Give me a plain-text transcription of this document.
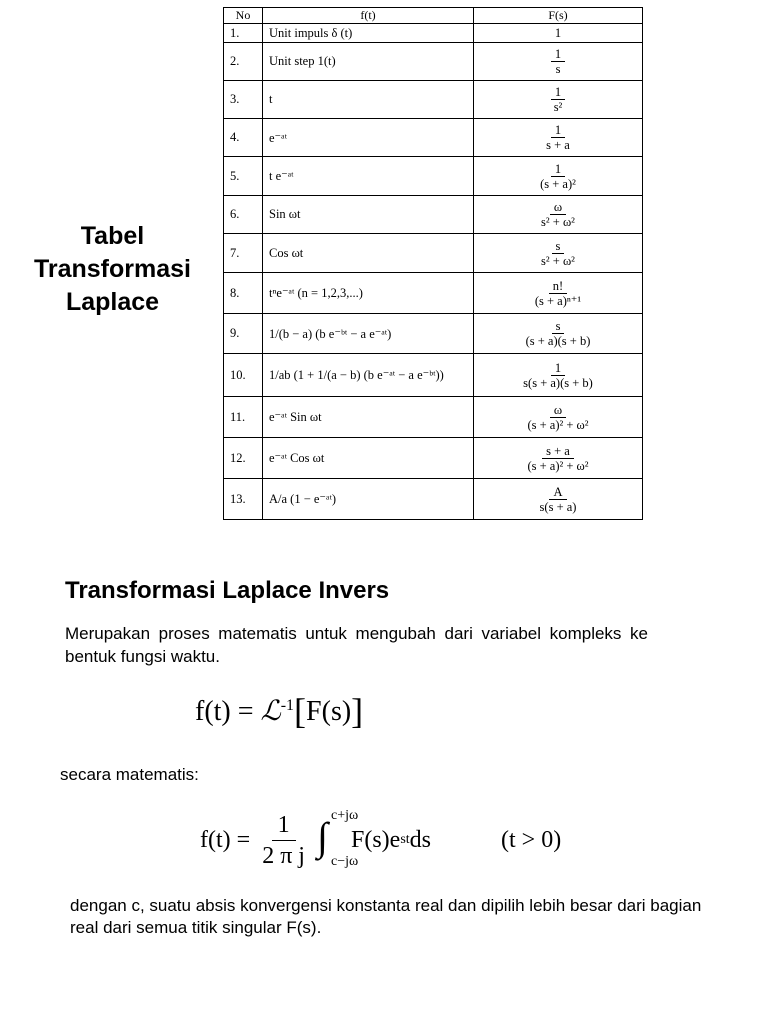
Tabel
Transformasi
Laplace
No	f(t)	F(s)
1.	Unit impuls δ (t)	1
2.	Unit step 1(t)	$\frac{1}{s}$

3.	t	$\frac{1}{\text{s²}}$

4.	e⁻ᵃᵗ	$\frac{1}{s + a}$

5.	t e⁻ᵃᵗ	$\frac{1}{\text{(s + a)²}}$

6.	Sin ωt	$\frac{\omega}{\text{s² + ω²}}$

7.	Cos ωt	$\frac{s}{\text{s² + ω²}}$

8.	tⁿe⁻ᵃᵗ (n = 1,2,3,...)	$\frac{n!}{\text{(s + a)ⁿ⁺¹}}$

9.	1/(b − a) (b e⁻ᵇᵗ − a e⁻ᵃᵗ)	$\frac{s}{(s + a)(s + b)}$

10.	1/ab (1 + 1/(a − b) (b e⁻ᵃᵗ − a e⁻ᵇᵗ))	$\frac{1}{s(s + a)(s + b)}$

11.	e⁻ᵃᵗ Sin ωt	$\frac{\omega}{\text{(s + a)² + ω²}}$

12.	e⁻ᵃᵗ Cos ωt	$\frac{s + a}{\text{(s + a)² + ω²}}$

13.	A/a (1 − e⁻ᵃᵗ)	$\frac{A}{s(s + a)}$
Transformasi Laplace Invers
Merupakan proses matematis untuk mengubah dari variabel kompleks ke bentuk fungsi waktu.
f(t) = ℒ$^{-1}$[F(s)]
secara matematis:
$f(t) = \frac{1}{\text{2 π j}}$ ∫ c+jω
c−jω
F(s)e st ds	(t > 0)
dengan c, suatu absis konvergensi konstanta real dan dipilih lebih besar dari bagian real dari semua titik singular F(s).
